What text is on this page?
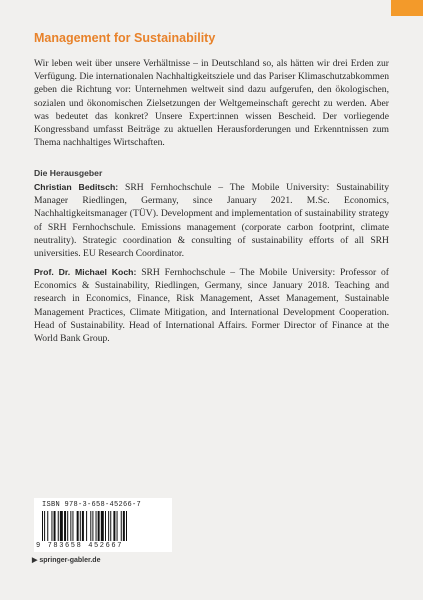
Management for Sustainability
Wir leben weit über unsere Verhältnisse – in Deutschland so, als hätten wir drei Erden zur Verfügung. Die internationalen Nachhaltigkeitsziele und das Pariser Klimaschutzabkommen geben die Richtung vor: Unternehmen weltweit sind dazu aufgerufen, den ökologischen, sozialen und ökonomischen Zielsetzungen der Weltgemeinschaft gerecht zu werden. Aber was bedeutet das konkret? Unsere Expert:innen wissen Bescheid. Der vorliegende Kongressband umfasst Beiträge zu aktuellen Herausforderungen und Erkenntnissen zum Thema nachhaltiges Wirtschaften.
Die Herausgeber
Christian Beditsch: SRH Fernhochschule – The Mobile University: Sustainability Manager Riedlingen, Germany, since January 2021. M.Sc. Economics, Nachhaltigkeitsmanager (TÜV). Development and implementation of sustainability strategy of SRH Fernhochschule. Emissions management (corporate carbon footprint, climate neutrality). Strategic coordination & consulting of sustainability efforts of all SRH universities. EU Research Coordinator.
Prof. Dr. Michael Koch: SRH Fernhochschule – The Mobile University: Professor of Economics & Sustainability, Riedlingen, Germany, since January 2018. Teaching and research in Economics, Finance, Risk Management, Asset Management, Sustainable Management Practices, Climate Mitigation, and International Development Cooperation. Head of Sustainability. Head of International Affairs. Former Director of Finance at the World Bank Group.
ISBN 978-3-658-45266-7
9 783658 452667
▶ springer-gabler.de
